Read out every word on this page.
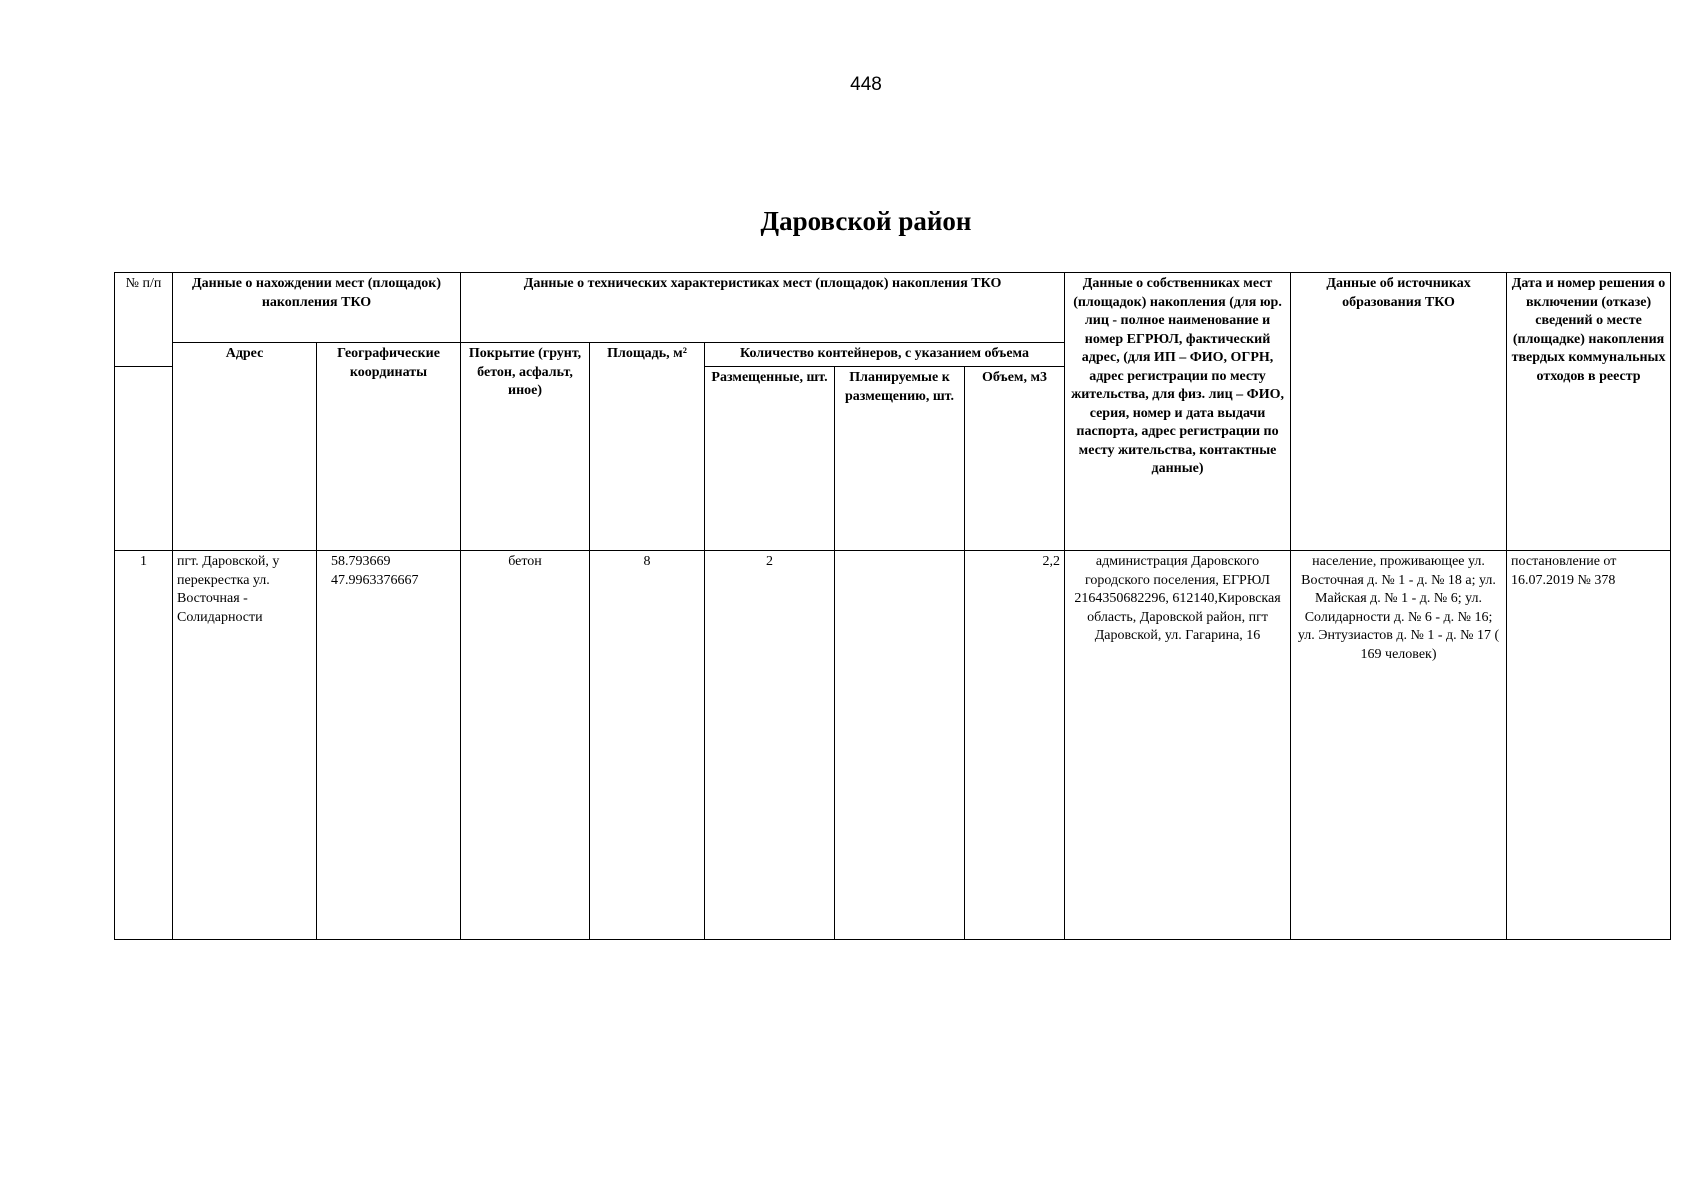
448
Даровской район
№ п/п	Данные о нахождении мест (площадок) накопления ТКО		Данные о технических характеристиках мест (площадок) накопления ТКО					Данные о собственниках мест (площадок) накопления (для юр. лиц - полное наименование и номер ЕГРЮЛ, фактический адрес, (для ИП – ФИО, ОГРН, адрес регистрации по месту жительства, для физ. лиц – ФИО, серия, номер и дата выдачи паспорта, адрес регистрации по месту жительства, контактные данные)	Данные об источниках образования ТКО	Дата и номер решения о включении (отказе) сведений о месте (площадке) накопления твердых коммунальных отходов в реестр
	Адрес	Географические координаты	Покрытие (грунт, бетон, асфальт, иное)	Площадь, м²	Количество контейнеров, с указанием объема					
					Размещенные, шт.	Планируемые к размещению, шт.	Объем, м3			
1	пгт. Даровской, у перекрестка ул. Восточная - Солидарности	58.793669 47.9963376667	бетон	8	2		2,2	администрация Даровского городского поселения, ЕГРЮЛ 2164350682296, 612140,Кировская область, Даровской район, пгт Даровской, ул. Гагарина, 16	население, проживающее ул. Восточная д. № 1 - д. № 18 а; ул. Майская д. № 1 - д. № 6; ул. Солидарности д. № 6 - д. № 16; ул. Энтузиастов д. № 1 - д. № 17 ( 169 человек)	постановление от 16.07.2019 № 378
